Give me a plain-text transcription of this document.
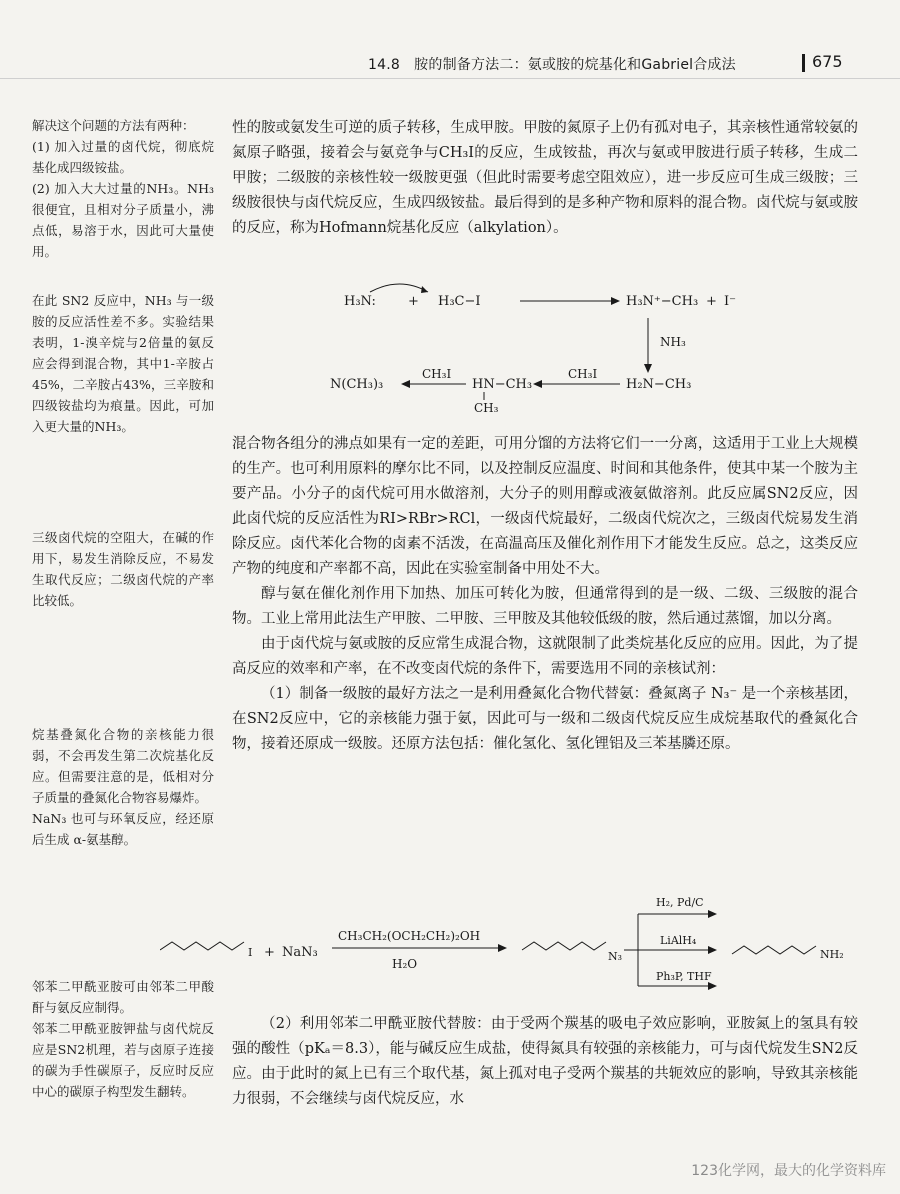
14.8　胺的制备方法二：氨或胺的烷基化和Gabriel合成法	675

解决这个问题的方法有两种：

(1) 加入过量的卤代烷，彻底烷基化成四级铵盐。

(2) 加入大大过量的NH₃。NH₃很便宜，且相对分子质量小，沸点低，易溶于水，因此可大量使用。

在此 SN2 反应中，NH₃ 与一级胺的反应活性差不多。实验结果表明，1-溴辛烷与2倍量的氨反应会得到混合物，其中1-辛胺占45%，二辛胺占43%，三辛胺和四级铵盐均为痕量。因此，可加入更大量的NH₃。

三级卤代烷的空阻大，在碱的作用下，易发生消除反应，不易发生取代反应；二级卤代烷的产率比较低。

烷基叠氮化合物的亲核能力很弱，不会再发生第二次烷基化反应。但需要注意的是，低相对分子质量的叠氮化合物容易爆炸。

NaN₃ 也可与环氧反应，经还原后生成 α-氨基醇。

邻苯二甲酰亚胺可由邻苯二甲酸酐与氨反应制得。

邻苯二甲酰亚胺钾盐与卤代烷反应是SN2机理，若与卤原子连接的碳为手性碳原子，反应时反应中心的碳原子构型发生翻转。

性的胺或氨发生可逆的质子转移，生成甲胺。甲胺的氮原子上仍有孤对电子，其亲核性通常较氨的氮原子略强，接着会与氨竞争与CH₃I的反应，生成铵盐，再次与氨或甲胺进行质子转移，生成二甲胺；二级胺的亲核性较一级胺更强（但此时需要考虑空阻效应），进一步反应可生成三级胺；三级胺很快与卤代烷反应，生成四级铵盐。最后得到的是多种产物和原料的混合物。卤代烷与氨或胺的反应，称为Hofmann烷基化反应（alkylation）。

H₃N: + H₃C−I	H₃N⁺−CH₃ + I⁻
NH₃
H₂N−CH₃
CH₃I
HN−CH₃
CH₃
CH₃I
N(CH₃)₃

混合物各组分的沸点如果有一定的差距，可用分馏的方法将它们一一分离，这适用于工业上大规模的生产。也可利用原料的摩尔比不同，以及控制反应温度、时间和其他条件，使其中某一个胺为主要产品。小分子的卤代烷可用水做溶剂，大分子的则用醇或液氨做溶剂。此反应属SN2反应，因此卤代烷的反应活性为RI>RBr>RCl，一级卤代烷最好，二级卤代烷次之，三级卤代烷易发生消除反应。卤代苯化合物的卤素不活泼，在高温高压及催化剂作用下才能发生反应。总之，这类反应产物的纯度和产率都不高，因此在实验室制备中用处不大。

醇与氨在催化剂作用下加热、加压可转化为胺，但通常得到的是一级、二级、三级胺的混合物。工业上常用此法生产甲胺、二甲胺、三甲胺及其他较低级的胺，然后通过蒸馏，加以分离。

由于卤代烷与氨或胺的反应常生成混合物，这就限制了此类烷基化反应的应用。因此，为了提高反应的效率和产率，在不改变卤代烷的条件下，需要选用不同的亲核试剂：

（1）制备一级胺的最好方法之一是利用叠氮化合物代替氨：叠氮离子 N₃⁻ 是一个亲核基团，在SN2反应中，它的亲核能力强于氨，因此可与一级和二级卤代烷反应生成烷基取代的叠氮化合物，接着还原成一级胺。还原方法包括：催化氢化、氢化锂铝及三苯基膦还原。

I + NaN₃
CH₃CH₂(OCH₂CH₂)₂OH
H₂O
N₃
H₂, Pd/C
LiAlH₄
Ph₃P, THF
NH₂

（2）利用邻苯二甲酰亚胺代替胺：由于受两个羰基的吸电子效应影响，亚胺氮上的氢具有较强的酸性（pKₐ＝8.3），能与碱反应生成盐，使得氮具有较强的亲核能力，可与卤代烷发生SN2反应。由于此时的氮上已有三个取代基，氮上孤对电子受两个羰基的共轭效应的影响，导致其亲核能力很弱，不会继续与卤代烷反应，水

123化学网，最大的化学资料库
